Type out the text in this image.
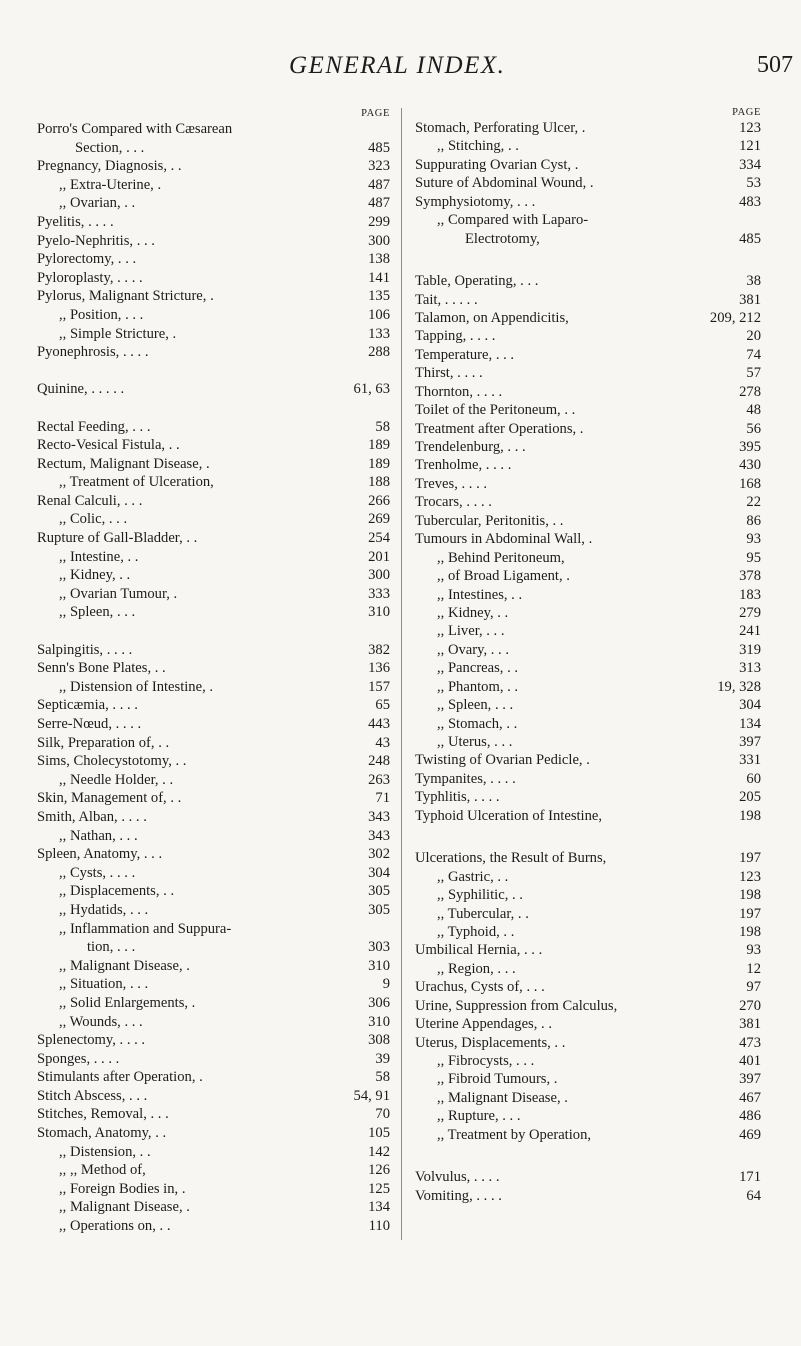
GENERAL INDEX.	507
PAGE
Porro's Compared with Cæsarean
Section, . . .	485
Pregnancy, Diagnosis, . .	323
,, Extra-Uterine, .	487
,, Ovarian, . .	487
Pyelitis, . . . .	299
Pyelo-Nephritis, . . .	300
Pylorectomy, . . .	138
Pyloroplasty, . . . .	141
Pylorus, Malignant Stricture, .	135
,, Position, . . .	106
,, Simple Stricture, .	133
Pyonephrosis, . . . .	288
Quinine, . . . . .	61, 63
Rectal Feeding, . . .	58
Recto-Vesical Fistula, . .	189
Rectum, Malignant Disease, .	189
,, Treatment of Ulceration,	188
Renal Calculi, . . .	266
,, Colic, . . .	269
Rupture of Gall-Bladder, . .	254
,, Intestine, . .	201
,, Kidney, . .	300
,, Ovarian Tumour, .	333
,, Spleen, . . .	310
Salpingitis, . . . .	382
Senn's Bone Plates, . .	136
,, Distension of Intestine, .	157
Septicæmia, . . . .	65
Serre-Nœud, . . . .	443
Silk, Preparation of, . .	43
Sims, Cholecystotomy, . .	248
,, Needle Holder, . .	263
Skin, Management of, . .	71
Smith, Alban, . . . .	343
,, Nathan, . . .	343
Spleen, Anatomy, . . .	302
,, Cysts, . . . .	304
,, Displacements, . .	305
,, Hydatids, . . .	305
,, Inflammation and Suppura-
tion, . . .	303
,, Malignant Disease, .	310
,, Situation, . . .	9
,, Solid Enlargements, .	306
,, Wounds, . . .	310
Splenectomy, . . . .	308
Sponges, . . . .	39
Stimulants after Operation, .	58
Stitch Abscess, . . .	54, 91
Stitches, Removal, . . .	70
Stomach, Anatomy, . .	105
,, Distension, . .	142
,, ,, Method of,	126
,, Foreign Bodies in, .	125
,, Malignant Disease, .	134
,, Operations on, . .	110
PAGE
Stomach, Perforating Ulcer, .	123
,, Stitching, . .	121
Suppurating Ovarian Cyst, .	334
Suture of Abdominal Wound, .	53
Symphysiotomy, . . .	483
,, Compared with Laparo-
Electrotomy,	485
Table, Operating, . . .	38
Tait, . . . . .	381
Talamon, on Appendicitis,	209, 212
Tapping, . . . .	20
Temperature, . . .	74
Thirst, . . . .	57
Thornton, . . . .	278
Toilet of the Peritoneum, . .	48
Treatment after Operations, .	56
Trendelenburg, . . .	395
Trenholme, . . . .	430
Treves, . . . .	168
Trocars, . . . .	22
Tubercular, Peritonitis, . .	86
Tumours in Abdominal Wall, .	93
,, Behind Peritoneum,	95
,, of Broad Ligament, .	378
,, Intestines, . .	183
,, Kidney, . .	279
,, Liver, . . .	241
,, Ovary, . . .	319
,, Pancreas, . .	313
,, Phantom, . .	19, 328
,, Spleen, . . .	304
,, Stomach, . .	134
,, Uterus, . . .	397
Twisting of Ovarian Pedicle, .	331
Tympanites, . . . .	60
Typhlitis, . . . .	205
Typhoid Ulceration of Intestine,	198
Ulcerations, the Result of Burns,	197
,, Gastric, . .	123
,, Syphilitic, . .	198
,, Tubercular, . .	197
,, Typhoid, . .	198
Umbilical Hernia, . . .	93
,, Region, . . .	12
Urachus, Cysts of, . . .	97
Urine, Suppression from Calculus,	270
Uterine Appendages, . .	381
Uterus, Displacements, . .	473
,, Fibrocysts, . . .	401
,, Fibroid Tumours, .	397
,, Malignant Disease, .	467
,, Rupture, . . .	486
,, Treatment by Operation,	469
Volvulus, . . . .	171
Vomiting, . . . .	64
